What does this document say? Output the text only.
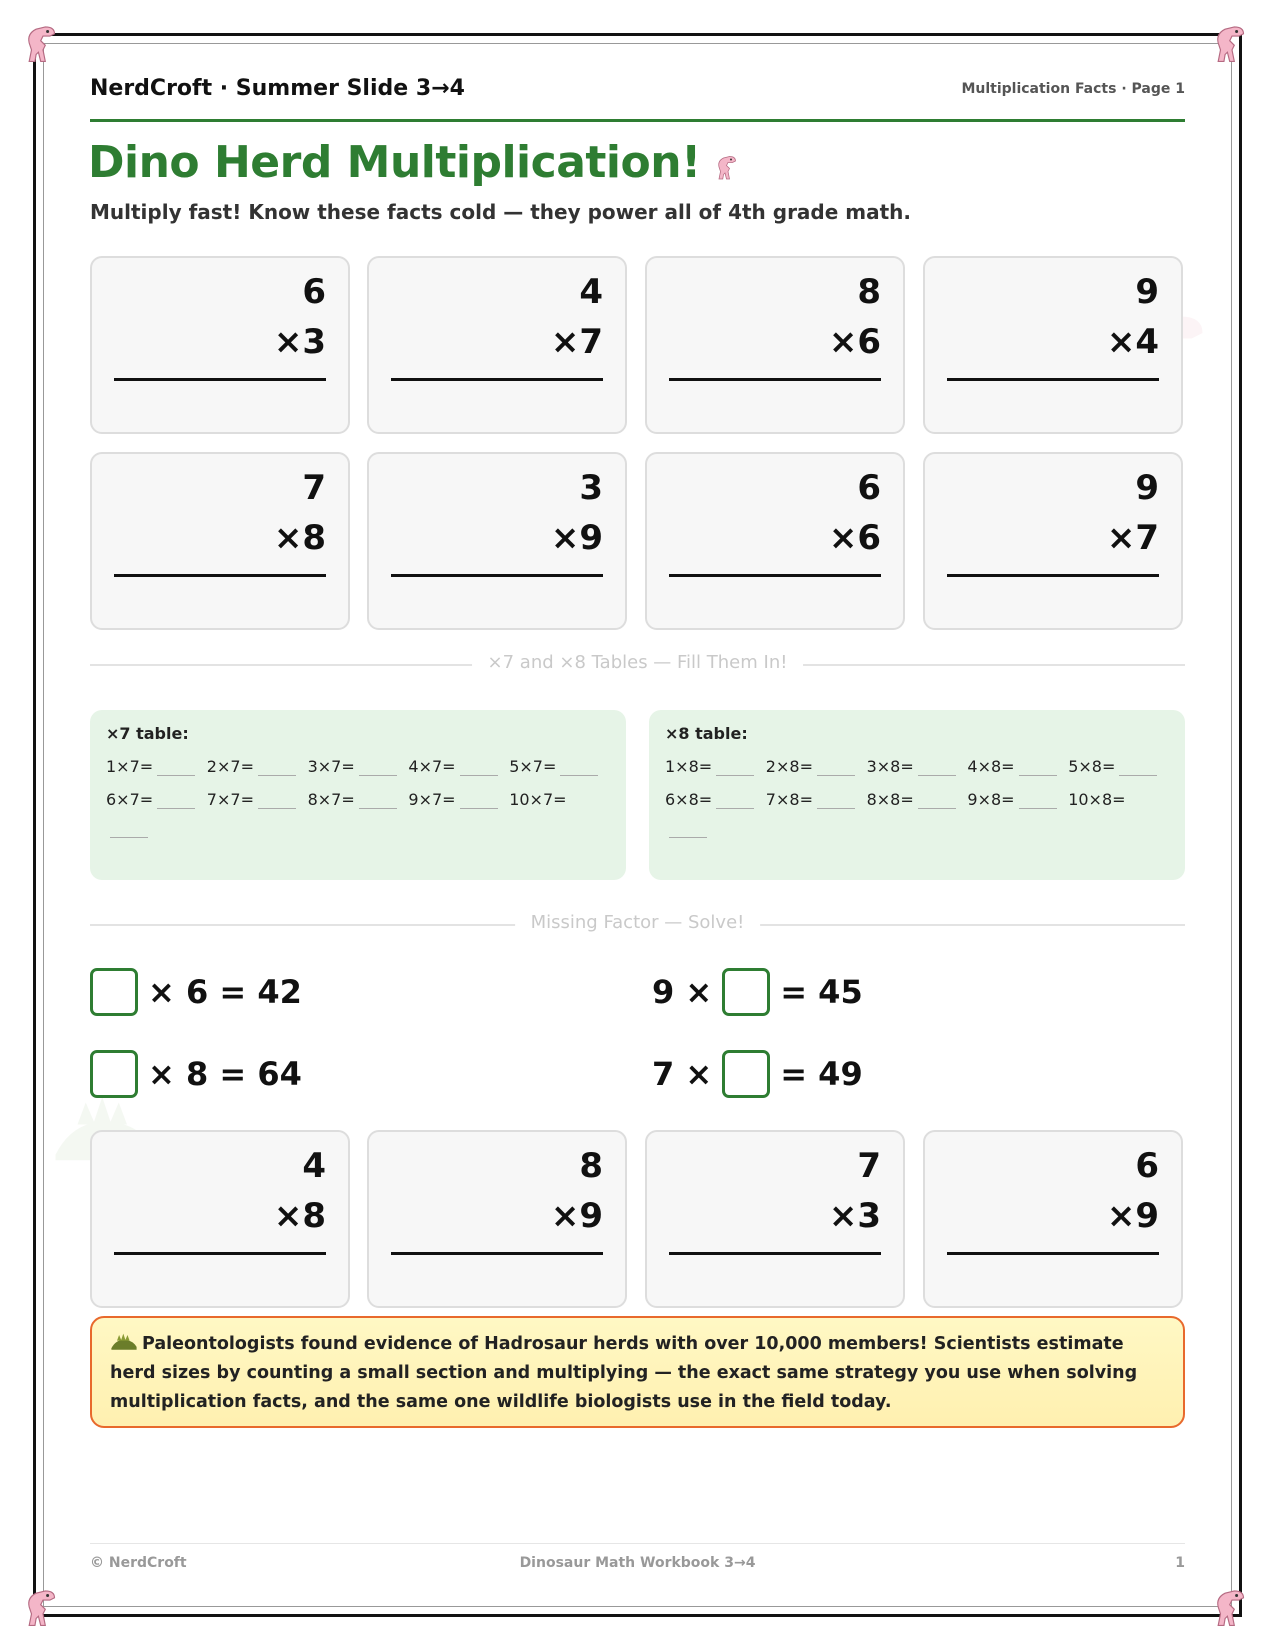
NerdCroft · Summer Slide 3→4	Multiplication Facts · Page 1
Dino Herd Multiplication!
Multiply fast! Know these facts cold — they power all of 4th grade math.
6
×3
4
×7
8
×6
9
×4
7
×8
3
×9
6
×6
9
×7
×7 and ×8 Tables — Fill Them In!
×7 table:
1×7=	2×7=	3×7=	4×7=	5×7=
6×7=	7×7=	8×7=	9×7=	10×7=
×8 table:
1×8=	2×8=	3×8=	4×8=	5×8=
6×8=	7×8=	8×8=	9×8=	10×8=
Missing Factor — Solve!
× 6 = 42	9 × = 45
× 8 = 64	7 × = 49
4
×8
8
×9
7
×3
6
×9
Paleontologists found evidence of Hadrosaur herds with over 10,000 members! Scientists estimate herd sizes by counting a small section and multiplying — the exact same strategy you use when solving multiplication facts, and the same one wildlife biologists use in the field today.
Dinosaur Math Workbook 3→4
© NerdCroft	1
